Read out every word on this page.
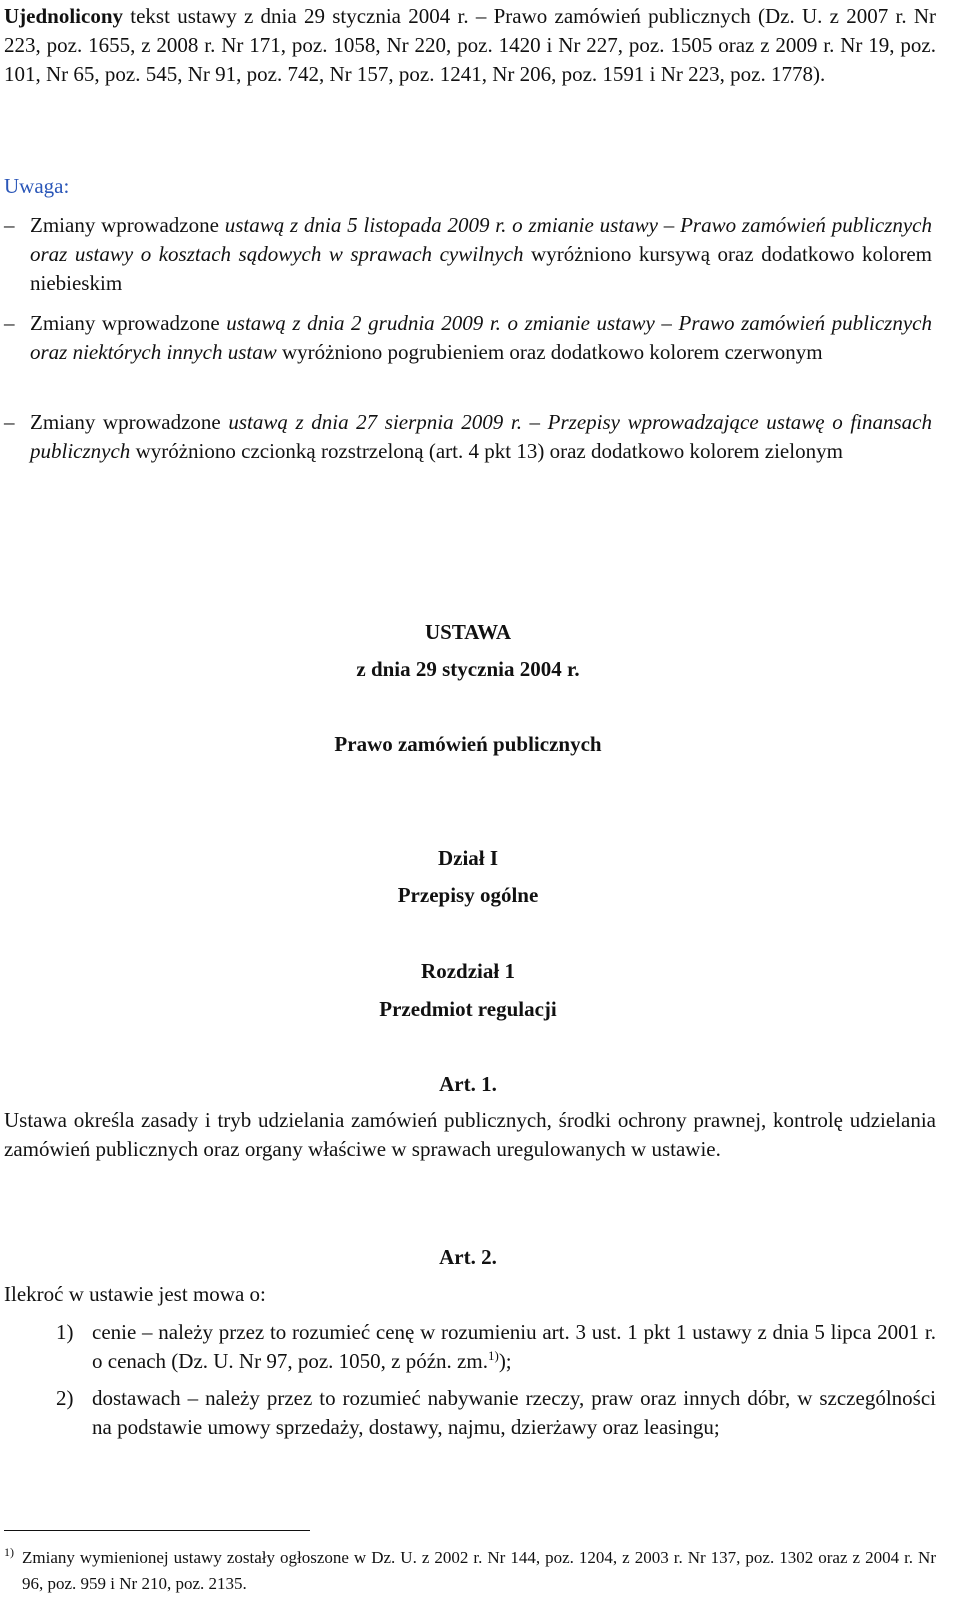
Ujednolicony tekst ustawy z dnia 29 stycznia 2004 r. – Prawo zamówień publicznych (Dz. U. z 2007 r. Nr 223, poz. 1655, z 2008 r. Nr 171, poz. 1058, Nr 220, poz. 1420 i Nr 227, poz. 1505 oraz z 2009 r. Nr 19, poz. 101, Nr 65, poz. 545, Nr 91, poz. 742, Nr 157, poz. 1241, Nr 206, poz. 1591 i Nr 223, poz. 1778).

Uwaga:
– Zmiany wprowadzone ustawą z dnia 5 listopada 2009 r. o zmianie ustawy – Prawo zamówień publicznych oraz ustawy o kosztach sądowych w sprawach cywilnych wyróżniono kursywą oraz dodatkowo kolorem niebieskim

– Zmiany wprowadzone ustawą z dnia 2 grudnia 2009 r. o zmianie ustawy – Prawo zamówień publicznych oraz niektórych innych ustaw wyróżniono pogrubieniem oraz dodatkowo kolorem czerwonym

– Zmiany wprowadzone ustawą z dnia 27 sierpnia 2009 r. – Przepisy wprowadzające ustawę o finansach publicznych wyróżniono czcionką rozstrzeloną (art. 4 pkt 13) oraz dodatkowo kolorem zielonym

USTAWA
z dnia 29 stycznia 2004 r.
Prawo zamówień publicznych
Dział I
Przepisy ogólne
Rozdział 1
Przedmiot regulacji
Art. 1.

Ustawa określa zasady i tryb udzielania zamówień publicznych, środki ochrony prawnej, kontrolę udzielania zamówień publicznych oraz organy właściwe w sprawach uregulowanych w ustawie.

Art. 2.

Ilekroć w ustawie jest mowa o:

1) cenie – należy przez to rozumieć cenę w rozumieniu art. 3 ust. 1 pkt 1 ustawy z dnia 5 lipca 2001 r. o cenach (Dz. U. Nr 97, poz. 1050, z późn. zm.$^{1)}$);

2) dostawach – należy przez to rozumieć nabywanie rzeczy, praw oraz innych dóbr, w szczególności na podstawie umowy sprzedaży, dostawy, najmu, dzierżawy oraz leasingu;

1) Zmiany wymienionej ustawy zostały ogłoszone w Dz. U. z 2002 r. Nr 144, poz. 1204, z 2003 r. Nr 137, poz. 1302 oraz z 2004 r. Nr 96, poz. 959 i Nr 210, poz. 2135.
